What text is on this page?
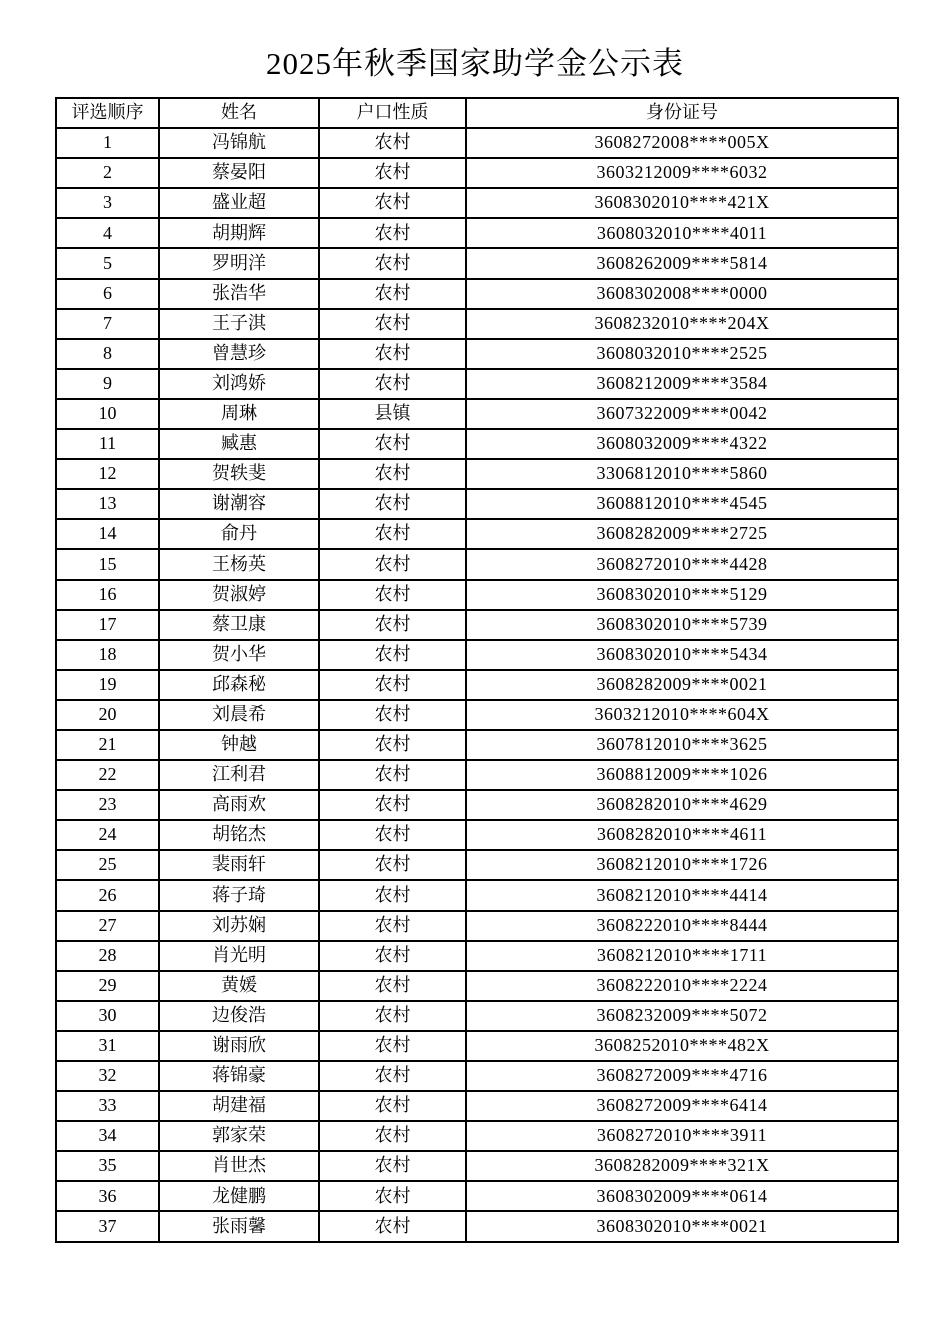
2025年秋季国家助学金公示表
评选顺序	姓名	户口性质	身份证号
1	冯锦航	农村	3608272008****005X
2	蔡晏阳	农村	3603212009****6032
3	盛业超	农村	3608302010****421X
4	胡期辉	农村	3608032010****4011
5	罗明洋	农村	3608262009****5814
6	张浩华	农村	3608302008****0000
7	王子淇	农村	3608232010****204X
8	曾慧珍	农村	3608032010****2525
9	刘鸿娇	农村	3608212009****3584
10	周琳	县镇	3607322009****0042
11	臧惠	农村	3608032009****4322
12	贺轶斐	农村	3306812010****5860
13	谢潮容	农村	3608812010****4545
14	俞丹	农村	3608282009****2725
15	王杨英	农村	3608272010****4428
16	贺淑婷	农村	3608302010****5129
17	蔡卫康	农村	3608302010****5739
18	贺小华	农村	3608302010****5434
19	邱森秘	农村	3608282009****0021
20	刘晨希	农村	3603212010****604X
21	钟越	农村	3607812010****3625
22	江利君	农村	3608812009****1026
23	高雨欢	农村	3608282010****4629
24	胡铭杰	农村	3608282010****4611
25	裴雨轩	农村	3608212010****1726
26	蒋子琦	农村	3608212010****4414
27	刘苏娴	农村	3608222010****8444
28	肖光明	农村	3608212010****1711
29	黄媛	农村	3608222010****2224
30	边俊浩	农村	3608232009****5072
31	谢雨欣	农村	3608252010****482X
32	蒋锦豪	农村	3608272009****4716
33	胡建福	农村	3608272009****6414
34	郭家荣	农村	3608272010****3911
35	肖世杰	农村	3608282009****321X
36	龙健鹏	农村	3608302009****0614
37	张雨馨	农村	3608302010****0021
